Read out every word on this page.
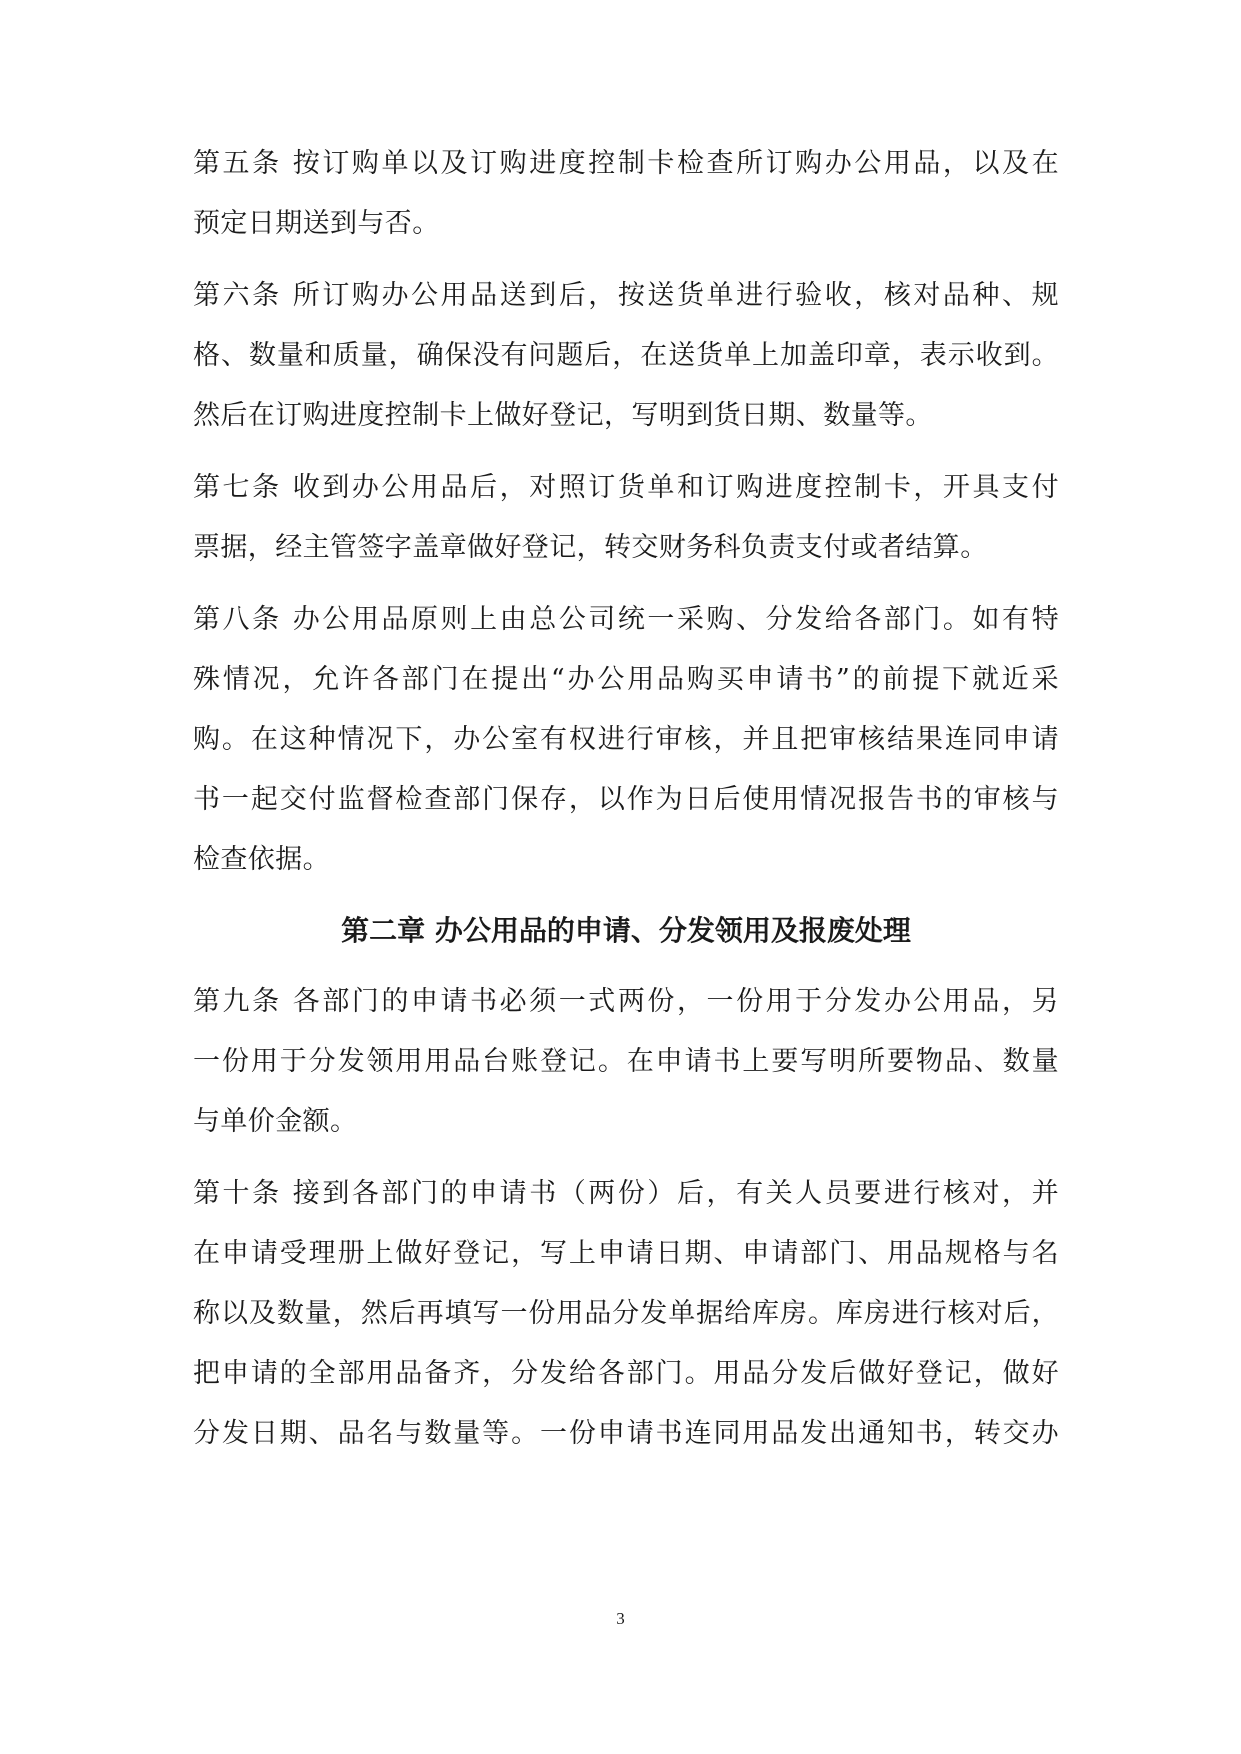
第五条 按订购单以及订购进度控制卡检查所订购办公用品，以及在
预定日期送到与否。
第六条 所订购办公用品送到后，按送货单进行验收，核对品种、规
格、数量和质量，确保没有问题后，在送货单上加盖印章，表示收到。
然后在订购进度控制卡上做好登记，写明到货日期、数量等。
第七条 收到办公用品后，对照订货单和订购进度控制卡，开具支付
票据，经主管签字盖章做好登记，转交财务科负责支付或者结算。
第八条 办公用品原则上由总公司统一采购、分发给各部门。如有特
殊情况，允许各部门在提出“办公用品购买申请书”的前提下就近采
购。在这种情况下，办公室有权进行审核，并且把审核结果连同申请
书一起交付监督检查部门保存，以作为日后使用情况报告书的审核与
检查依据。
第二章 办公用品的申请、分发领用及报废处理
第九条 各部门的申请书必须一式两份，一份用于分发办公用品，另
一份用于分发领用用品台账登记。在申请书上要写明所要物品、数量
与单价金额。
第十条 接到各部门的申请书（两份）后，有关人员要进行核对，并
在申请受理册上做好登记，写上申请日期、申请部门、用品规格与名
称以及数量，然后再填写一份用品分发单据给库房。库房进行核对后，
把申请的全部用品备齐，分发给各部门。用品分发后做好登记，做好
分发日期、品名与数量等。一份申请书连同用品发出通知书，转交办
3
